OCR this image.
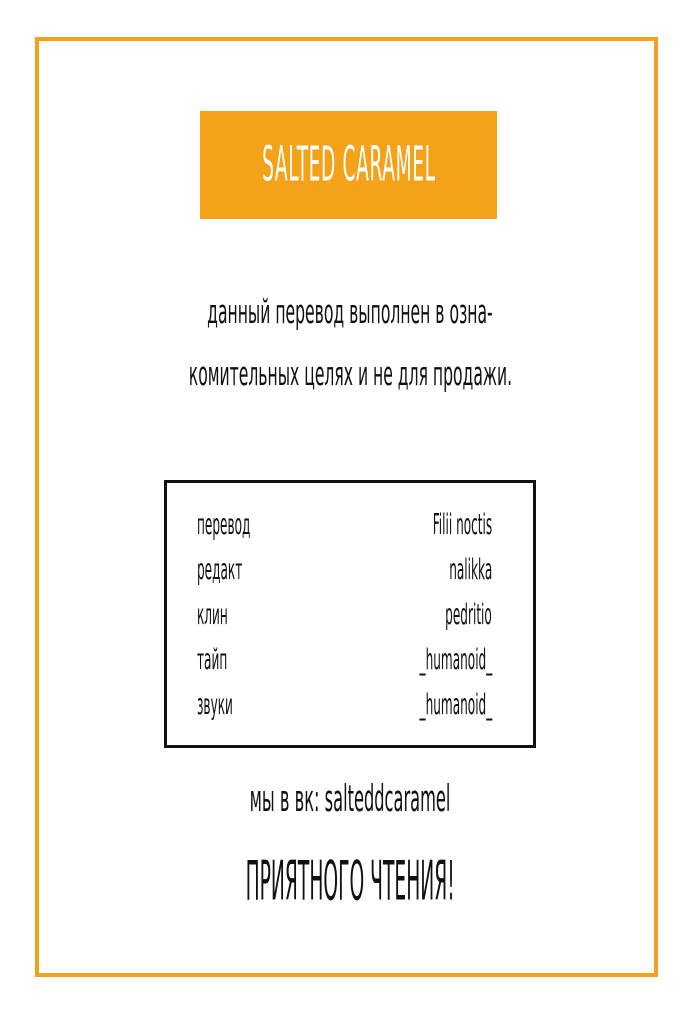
SALTED CARAMEL
данный перевод выполнен в озна-
комительных целях и не для продажи.
перевод	Filii noctis
редакт	nalikka
клин	pedritio
тайп	_humanoid_
звуки	_humanoid_
мы в вк: salteddcaramel
ПРИЯТНОГО ЧТЕНИЯ!
